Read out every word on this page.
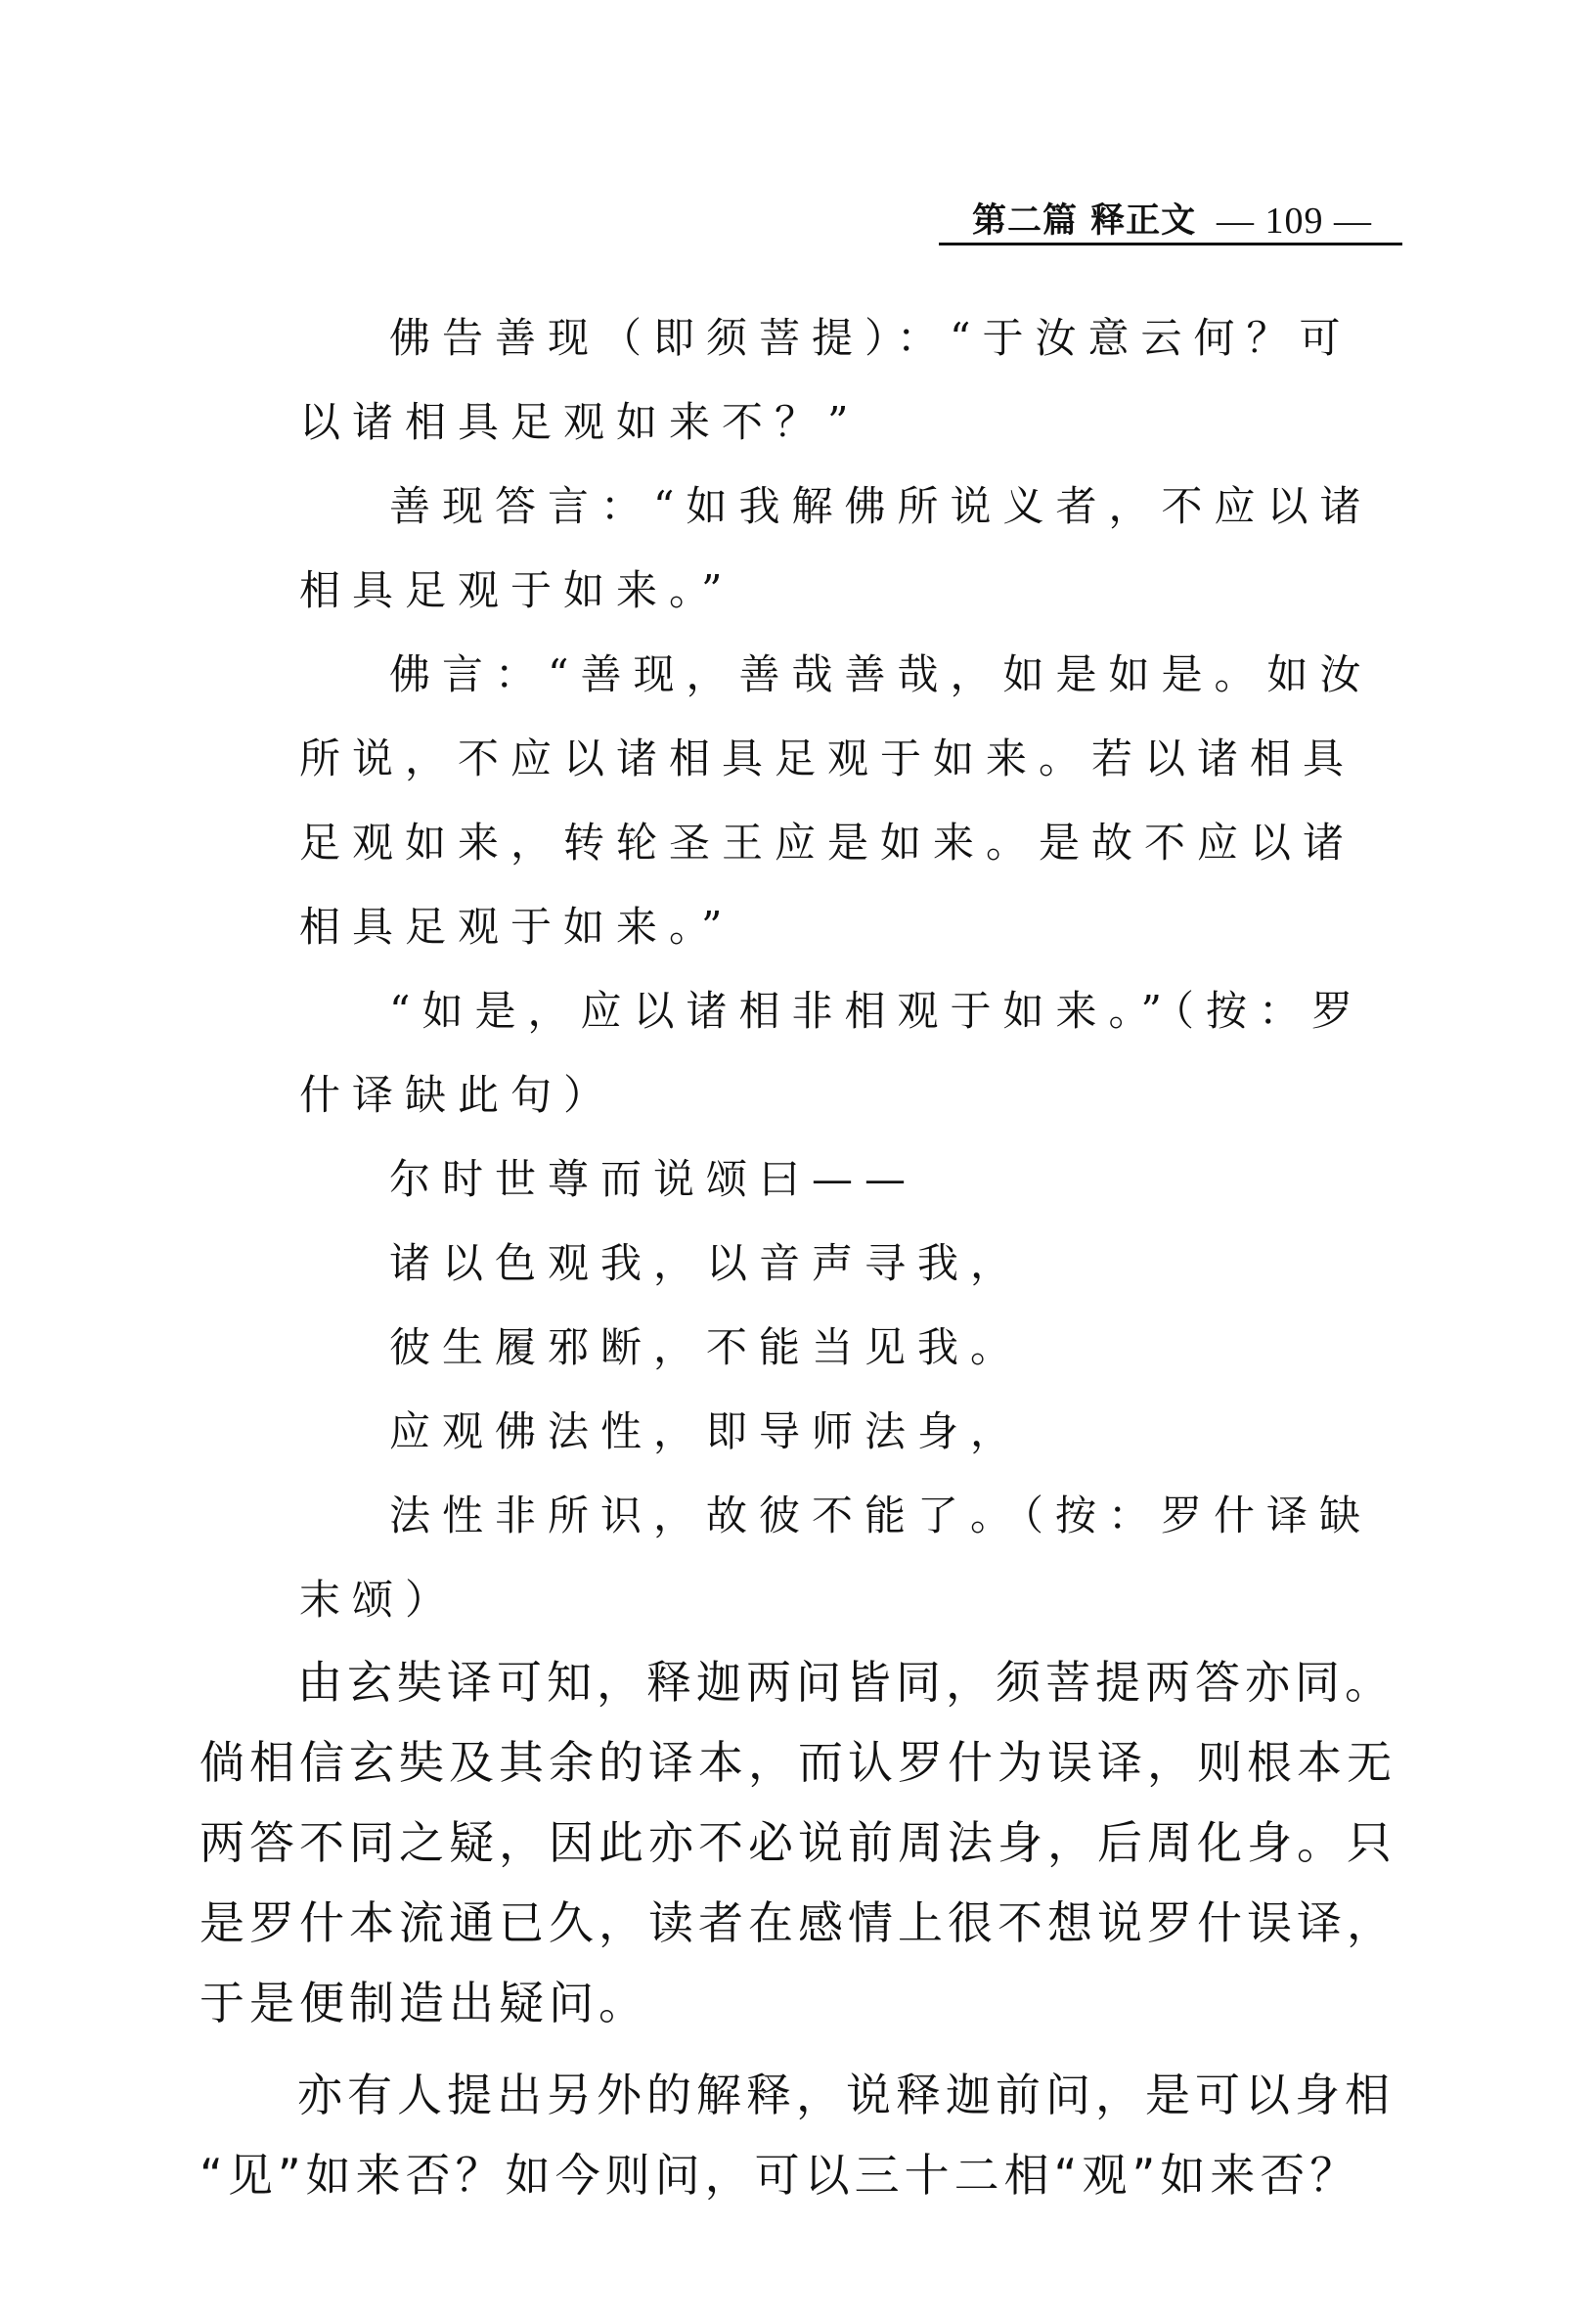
第二篇 释正文 — 109 —
佛告善现（即须菩提）：“于汝意云何？可
以诸相具足观如来不？”
善现答言：“如我解佛所说义者，不应以诸
相具足观于如来。”
佛言：“善现，善哉善哉，如是如是。如汝
所说，不应以诸相具足观于如来。若以诸相具
足观如来，转轮圣王应是如来。是故不应以诸
相具足观于如来。”
“如是，应以诸相非相观于如来。”（按：罗
什译缺此句）
尔时世尊而说颂曰——
诸以色观我，以音声寻我，
彼生履邪断，不能当见我。
应观佛法性，即导师法身，
法性非所识，故彼不能了。（按：罗什译缺
末颂）
由玄奘译可知，释迦两问皆同，须菩提两答亦同。
倘相信玄奘及其余的译本，而认罗什为误译，则根本无
两答不同之疑，因此亦不必说前周法身，后周化身。只
是罗什本流通已久，读者在感情上很不想说罗什误译，
于是便制造出疑问。
亦有人提出另外的解释，说释迦前问，是可以身相
“见”如来否？如今则问，可以三十二相“观”如来否？
